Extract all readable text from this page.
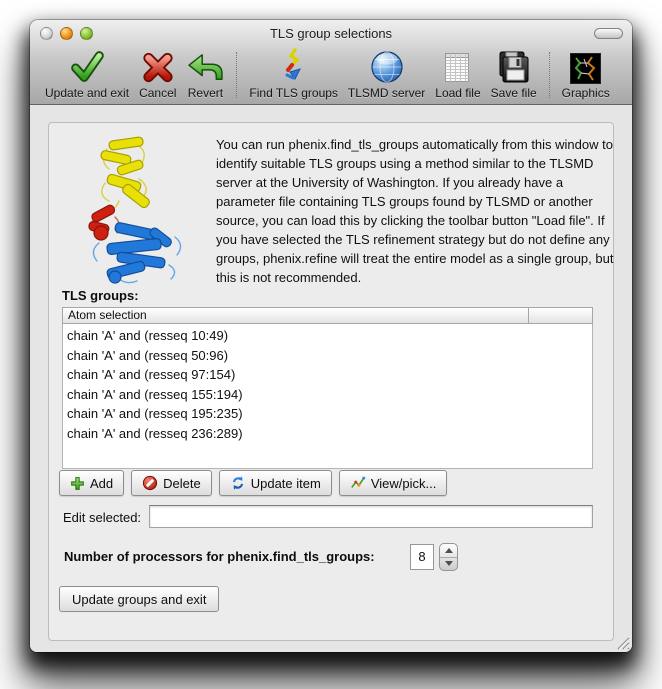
TLS group selections
Update and exit Cancel Revert Find TLS groups TLSMD server Load file Save file Graphics
You can run phenix.find_tls_groups automatically from this window to identify suitable TLS groups using a method similar to the TLSMD server at the University of Washington. If you already have a parameter file containing TLS groups found by TLSMD or another source, you can load this by clicking the toolbar button "Load file". If you have selected the TLS refinement strategy but do not define any groups, phenix.refine will treat the entire model as a single group, but this is not recommended.
TLS groups:
Atom selection
chain 'A' and (resseq 10:49)
chain 'A' and (resseq 50:96)
chain 'A' and (resseq 97:154)
chain 'A' and (resseq 155:194)
chain 'A' and (resseq 195:235)
chain 'A' and (resseq 236:289)
Add	Delete	Update item	View/pick...
Edit selected:
Number of processors for phenix.find_tls_groups:	8
Update groups and exit
